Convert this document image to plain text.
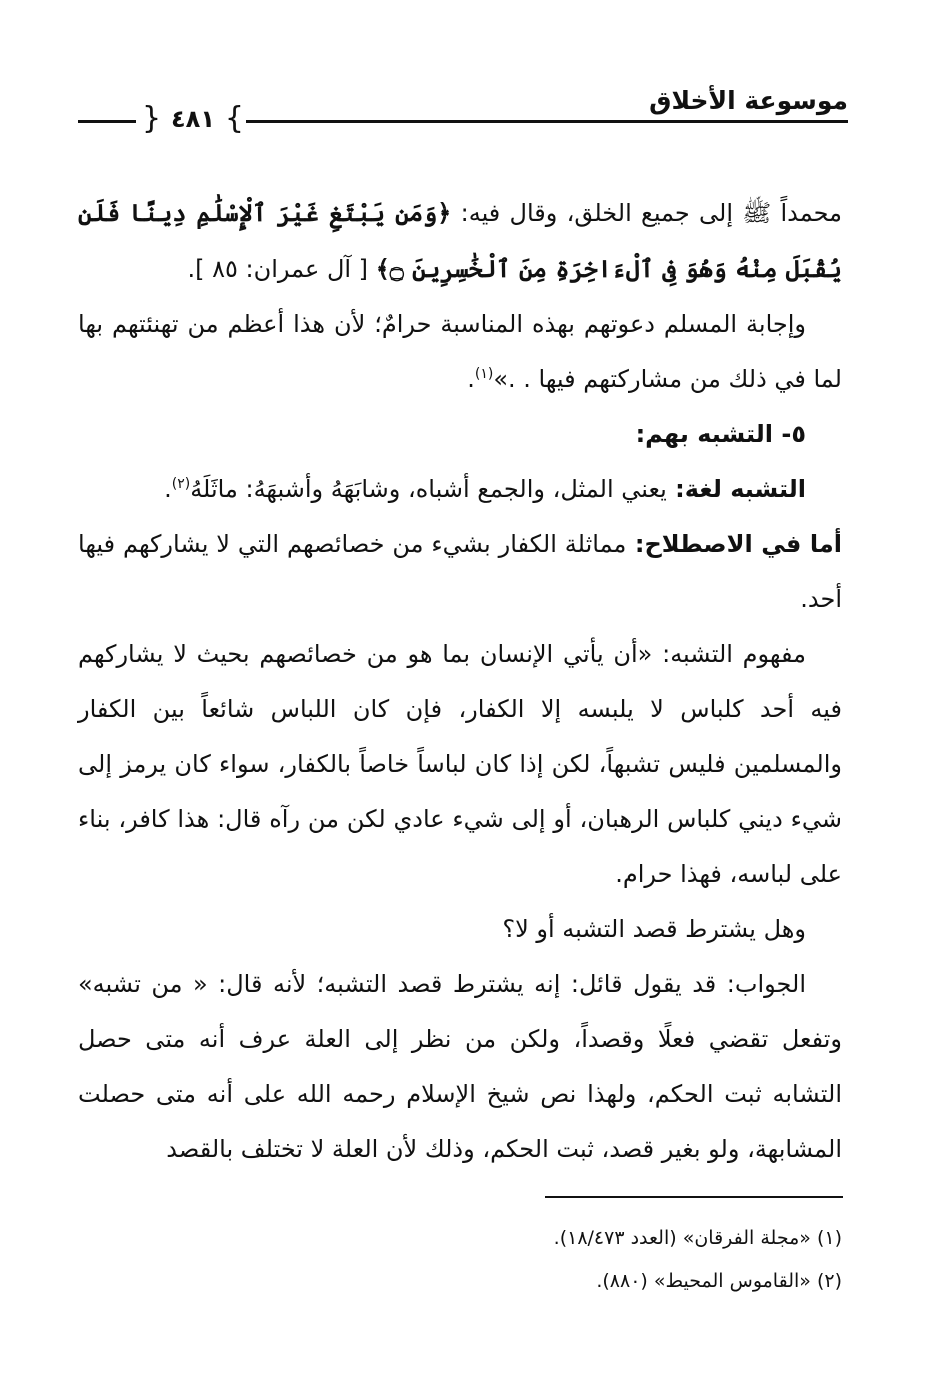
موسوعة الأخلاق
} ٤٨١ {

محمداً ﷺ إلى جميع الخلق، وقال فيه: ﴿وَمَن يَبْتَغِ غَيْرَ ٱلْإِسْلَٰمِ دِينًا فَلَن يُقْبَلَ مِنْهُ وَهُوَ فِى ٱلْءَاخِرَةِ مِنَ ٱلْخَٰسِرِينَ ۝﴾ [ آل عمران: ٨٥ ].

وإجابة المسلم دعوتهم بهذه المناسبة حرامٌ؛ لأن هذا أعظم من تهنئتهم بها لما في ذلك من مشاركتهم فيها . .»$^{(١)}$.

٥- التشبه بهم:

التشبه لغة: يعني المثل، والجمع أشباه، وشابَهَهُ وأشبهَهُ: ماثَلَهُ$^{(٢)}$.

أما في الاصطلاح: مماثلة الكفار بشيء من خصائصهم التي لا يشاركهم فيها أحد.

مفهوم التشبه: «أن يأتي الإنسان بما هو من خصائصهم بحيث لا يشاركهم فيه أحد كلباس لا يلبسه إلا الكفار، فإن كان اللباس شائعاً بين الكفار والمسلمين فليس تشبهاً، لكن إذا كان لباساً خاصاً بالكفار، سواء كان يرمز إلى شيء ديني كلباس الرهبان، أو إلى شيء عادي لكن من رآه قال: هذا كافر، بناء على لباسه، فهذا حرام.

وهل يشترط قصد التشبه أو لا؟

الجواب: قد يقول قائل: إنه يشترط قصد التشبه؛ لأنه قال: « من تشبه» وتفعل تقضي فعلًا وقصداً، ولكن من نظر إلى العلة عرف أنه متى حصل التشابه ثبت الحكم، ولهذا نص شيخ الإسلام رحمه الله على أنه متى حصلت المشابهة، ولو بغير قصد، ثبت الحكم، وذلك لأن العلة لا تختلف بالقصد

(١) «مجلة الفرقان» (العدد ١٨/٤٧٣).

(٢) «القاموس المحيط» (٨٨٠).
